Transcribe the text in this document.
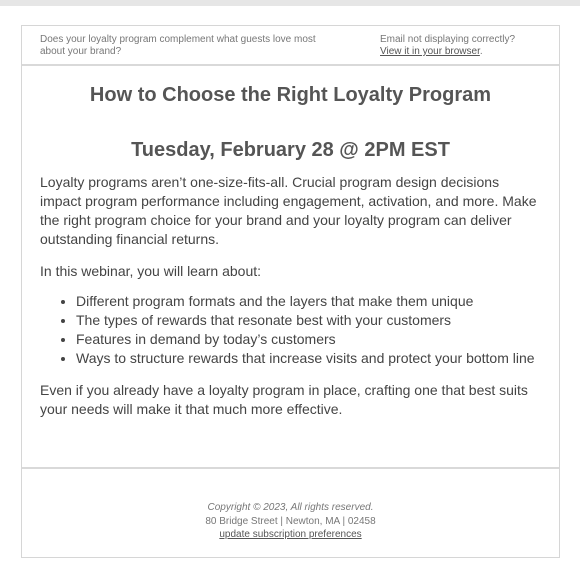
Does your loyalty program complement what guests love most about your brand?
Email not displaying correctly?
View it in your browser.
How to Choose the Right Loyalty Program
Tuesday, February 28 @ 2PM EST

Loyalty programs aren’t one-size-fits-all. Crucial program design decisions impact program performance including engagement, activation, and more. Make the right program choice for your brand and your loyalty program can deliver outstanding financial returns.

In this webinar, you will learn about:

• Different program formats and the layers that make them unique
• The types of rewards that resonate best with your customers
• Features in demand by today’s customers
• Ways to structure rewards that increase visits and protect your bottom line

Even if you already have a loyalty program in place, crafting one that best suits your needs will make it that much more effective.

Copyright © 2023, All rights reserved.
80 Bridge Street | Newton, MA | 02458
update subscription preferences
